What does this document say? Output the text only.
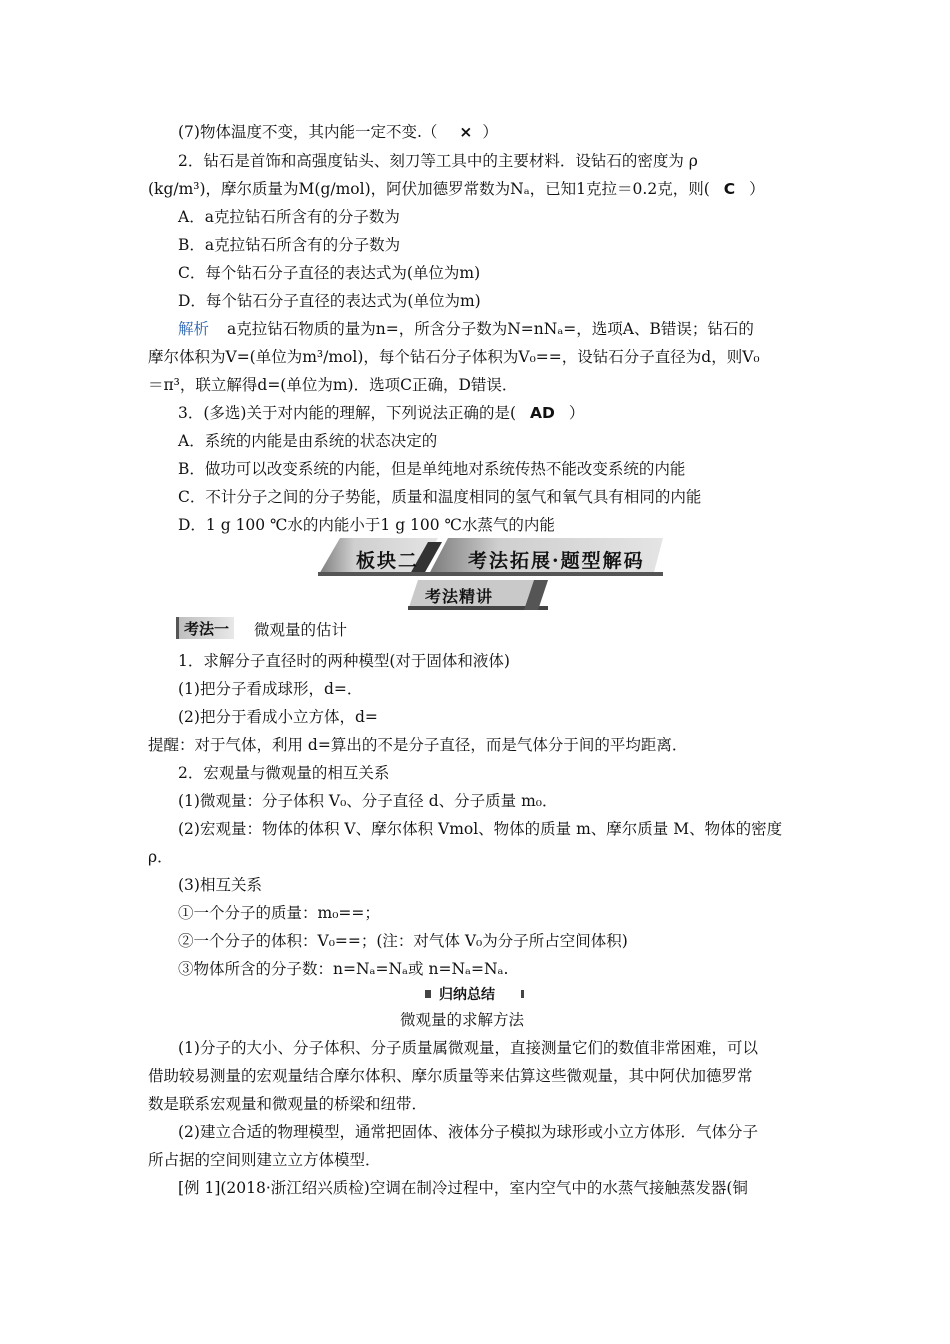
(7)物体温度不变，其内能一定不变.（ × ）
2．钻石是首饰和高强度钻头、刻刀等工具中的主要材料．设钻石的密度为 ρ
(kg/m³)，摩尔质量为M(g/mol)，阿伏加德罗常数为Nₐ，已知1克拉＝0.2克，则( C ）
A．a克拉钻石所含有的分子数为
B．a克拉钻石所含有的分子数为
C．每个钻石分子直径的表达式为(单位为m)
D．每个钻石分子直径的表达式为(单位为m)
解析 a克拉钻石物质的量为n=，所含分子数为N=nNₐ=，选项A、B错误；钻石的
摩尔体积为V=(单位为m³/mol)，每个钻石分子体积为V₀==，设钻石分子直径为d，则V₀
＝π³，联立解得d=(单位为m)．选项C正确，D错误．
3．(多选)关于对内能的理解，下列说法正确的是( AD ）
A．系统的内能是由系统的状态决定的
B．做功可以改变系统的内能，但是单纯地对系统传热不能改变系统的内能
C．不计分子之间的分子势能，质量和温度相同的氢气和氧气具有相同的内能
D．1 g 100 ℃水的内能小于1 g 100 ℃水蒸气的内能
板块二	考法拓展·题型解码
考法精讲
考法一 微观量的估计
1．求解分子直径时的两种模型(对于固体和液体)
(1)把分子看成球形，d=．
(2)把分于看成小立方体，d=
提醒：对于气体，利用 d=算出的不是分子直径，而是气体分于间的平均距离．
2．宏观量与微观量的相互关系
(1)微观量：分子体积 V₀、分子直径 d、分子质量 m₀．
(2)宏观量：物体的体积 V、摩尔体积 Vmol、物体的质量 m、摩尔质量 M、物体的密度
ρ．
(3)相互关系
①一个分子的质量：m₀==；
②一个分子的体积：V₀==；(注：对气体 V₀为分子所占空间体积)
③物体所含的分子数：n=Nₐ=Nₐ或 n=Nₐ=Nₐ.
归纳总结
微观量的求解方法
(1)分子的大小、分子体积、分子质量属微观量，直接测量它们的数值非常困难，可以
借助较易测量的宏观量结合摩尔体积、摩尔质量等来估算这些微观量，其中阿伏加德罗常
数是联系宏观量和微观量的桥梁和纽带．
(2)建立合适的物理模型，通常把固体、液体分子模拟为球形或小立方体形．气体分子
所占据的空间则建立立方体模型．
[例 1](2018·浙江绍兴质检)空调在制冷过程中，室内空气中的水蒸气接触蒸发器(铜
